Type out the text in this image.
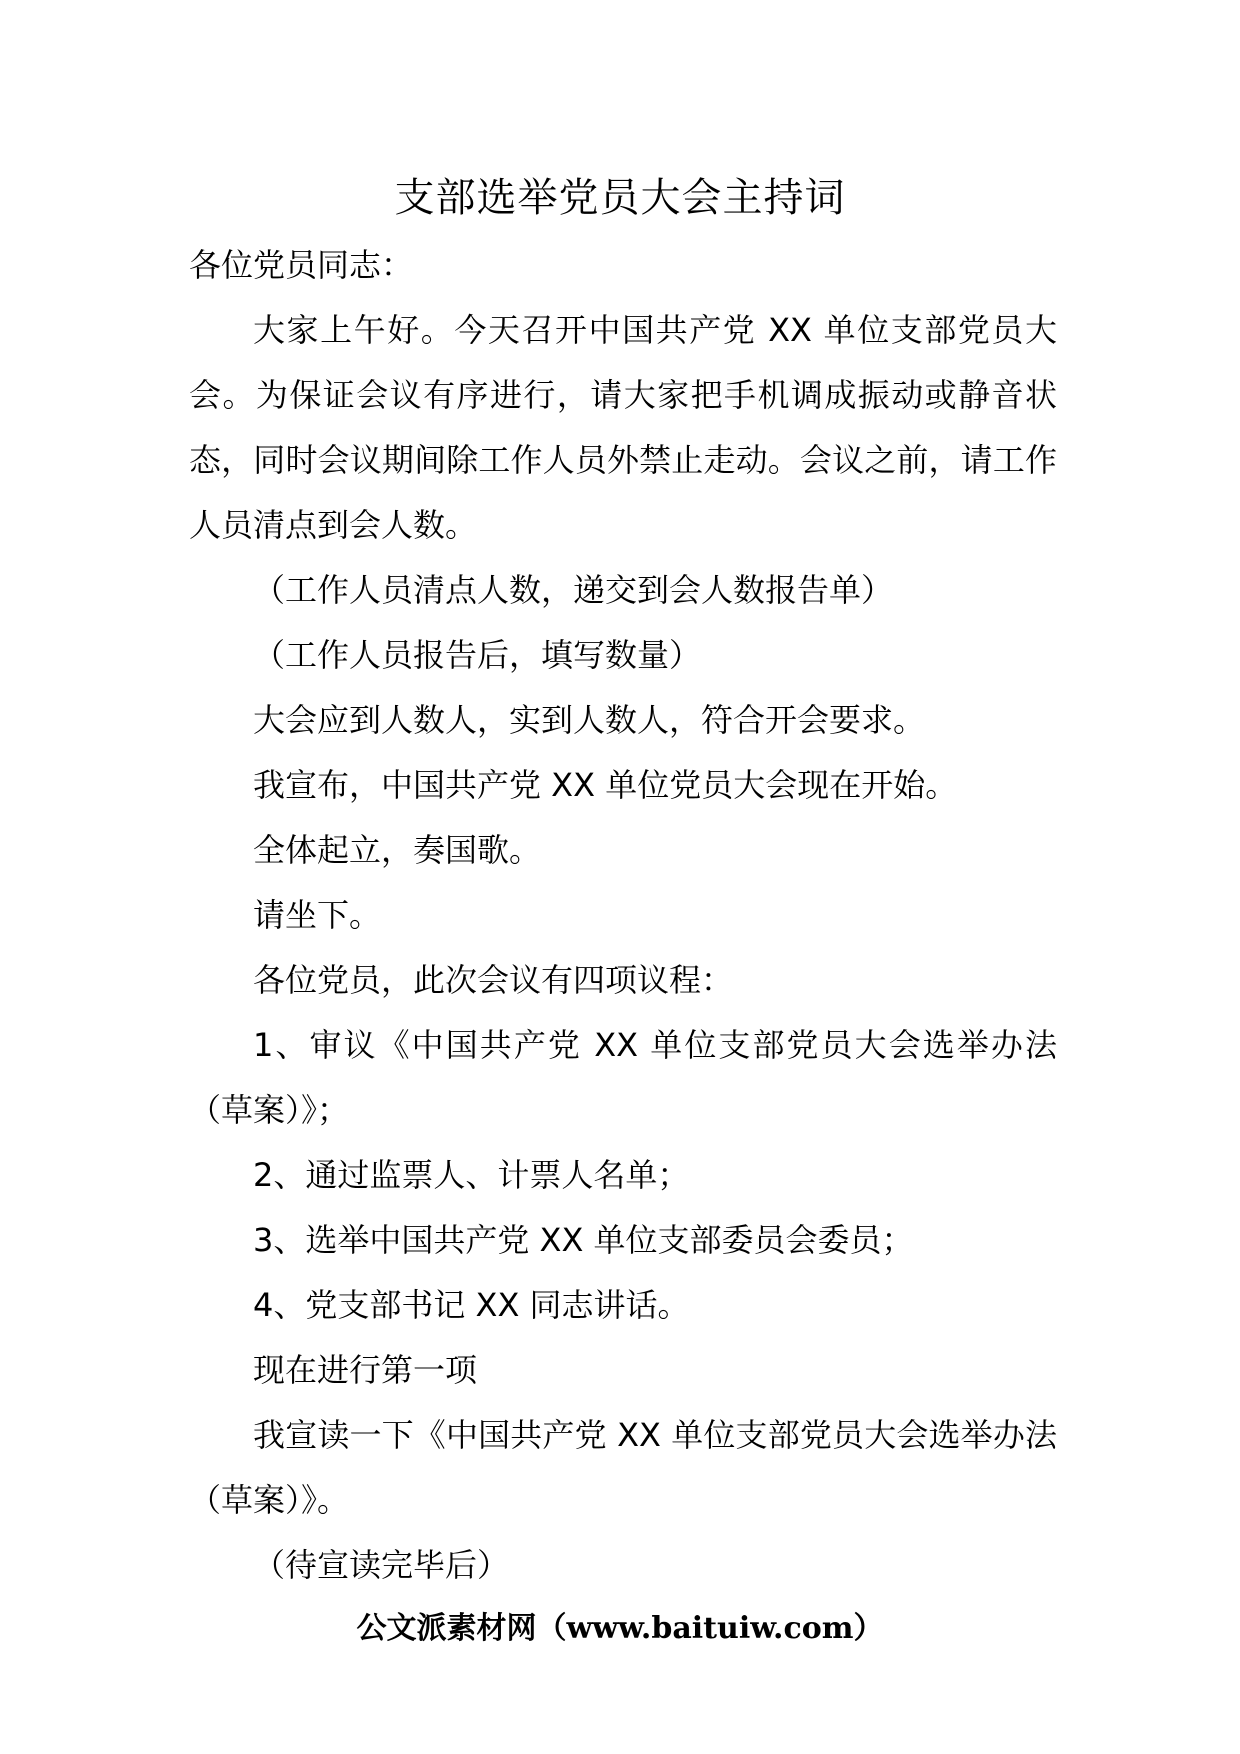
支部选举党员大会主持词

各位党员同志：

大家上午好。今天召开中国共产党 XX 单位支部党员大会。为保证会议有序进行，请大家把手机调成振动或静音状态，同时会议期间除工作人员外禁止走动。会议之前，请工作人员清点到会人数。

（工作人员清点人数，递交到会人数报告单）

（工作人员报告后，填写数量）

大会应到人数人，实到人数人，符合开会要求。

我宣布，中国共产党 XX 单位党员大会现在开始。

全体起立，奏国歌。

请坐下。

各位党员，此次会议有四项议程：

1、审议《中国共产党 XX 单位支部党员大会选举办法（草案）》；

2、通过监票人、计票人名单；

3、选举中国共产党 XX 单位支部委员会委员；

4、党支部书记 XX 同志讲话。

现在进行第一项

我宣读一下《中国共产党 XX 单位支部党员大会选举办法（草案）》。

（待宣读完毕后）

公文派素材网（www.baituiw.com）
